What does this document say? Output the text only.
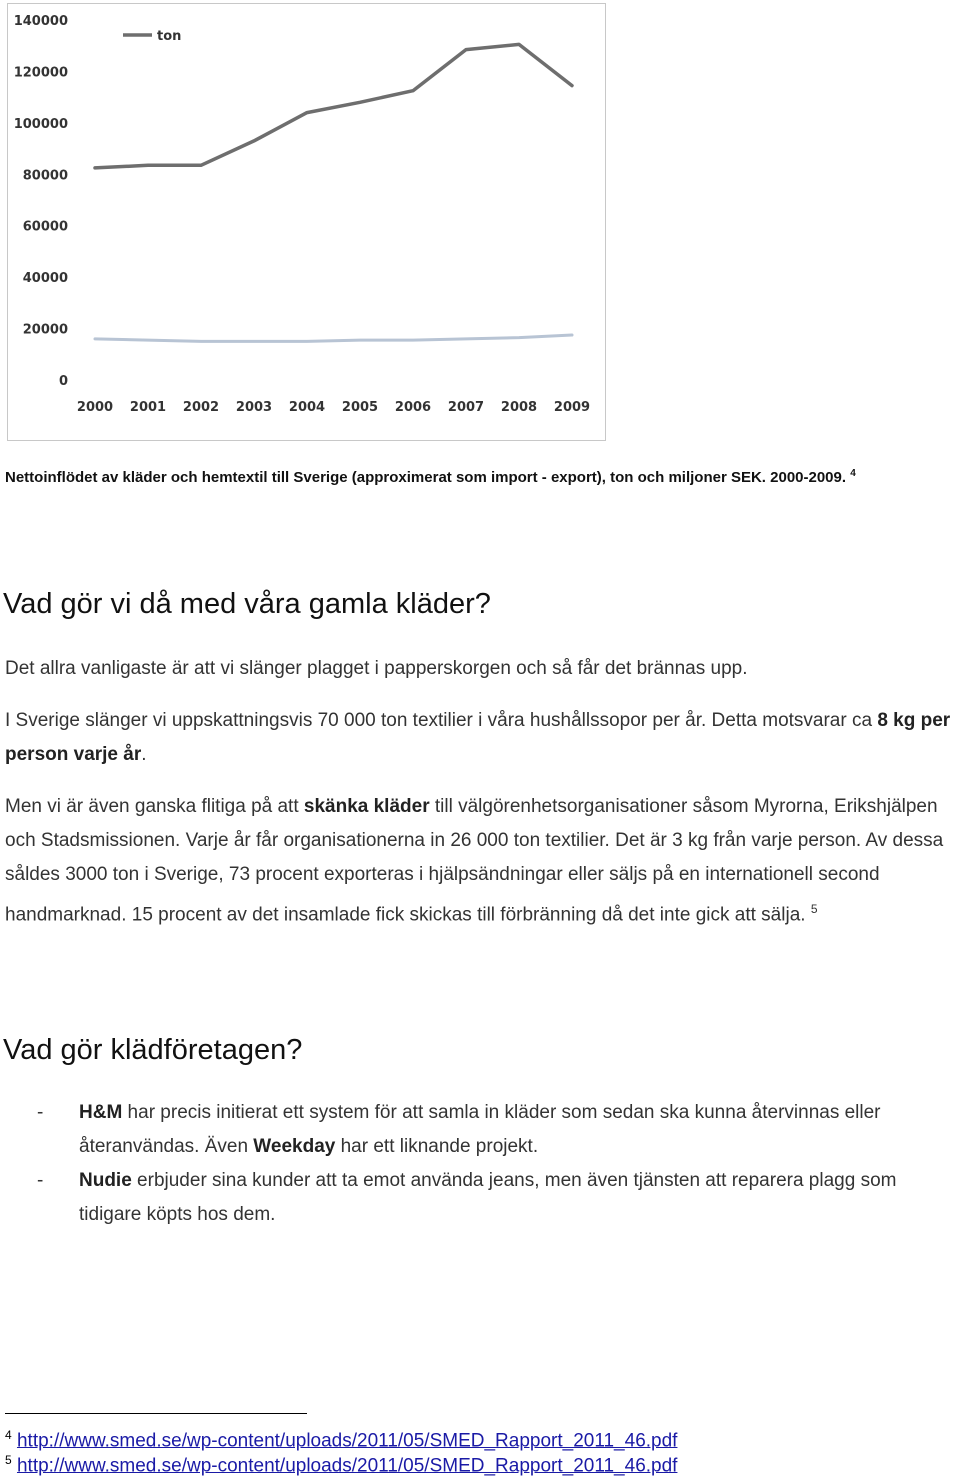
140000
120000
100000
80000
60000
40000
20000
0
2000 2001 2002 2003 2004 2005 2006 2007 2008 2009
ton
Nettoinflödet av kläder och hemtextil till Sverige (approximerat som import - export), ton och miljoner SEK. 2000-2009. $^4$
Vad gör vi då med våra gamla kläder?

Det allra vanligaste är att vi slänger plagget i papperskorgen och så får det brännas upp.

I Sverige slänger vi uppskattningsvis 70 000 ton textilier i våra hushållssopor per år. Detta motsvarar ca 8 kg per person varje år.

Men vi är även ganska flitiga på att skänka kläder till välgörenhetsorganisationer såsom Myrorna, Erikshjälpen och Stadsmissionen. Varje år får organisationerna in 26 000 ton textilier. Det är 3 kg från varje person. Av dessa såldes 3000 ton i Sverige, 73 procent exporteras i hjälpsändningar eller säljs på en internationell second handmarknad. 15 procent av det insamlade fick skickas till förbränning då det inte gick att sälja. $^5$

Vad gör klädföretagen?
- H&M har precis initierat ett system för att samla in kläder som sedan ska kunna återvinnas eller återanvändas. Även Weekday har ett liknande projekt.
- Nudie erbjuder sina kunder att ta emot använda jeans, men även tjänsten att reparera plagg som tidigare köpts hos dem.
$^4$ http://www.smed.se/wp-content/uploads/2011/05/SMED_Rapport_2011_46.pdf
$^5$ http://www.smed.se/wp-content/uploads/2011/05/SMED_Rapport_2011_46.pdf
